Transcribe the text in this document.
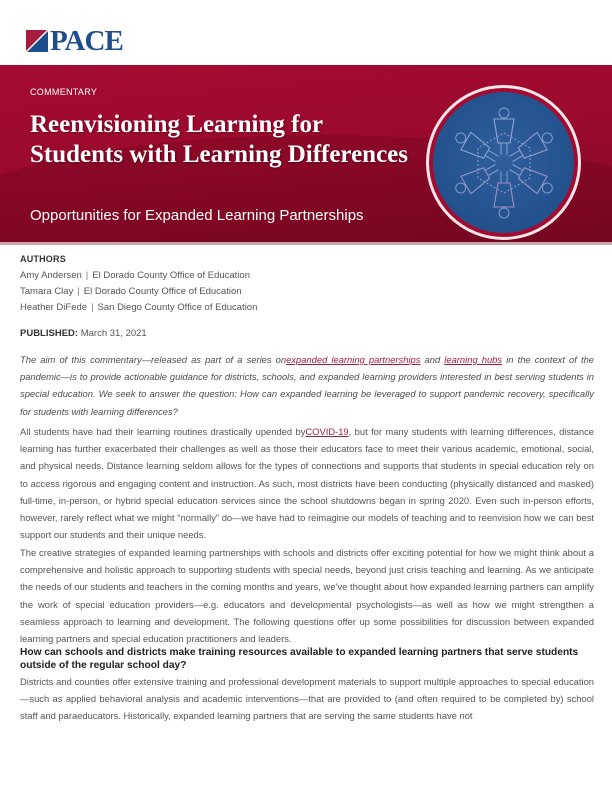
PACE
COMMENTARY
Reenvisioning Learning for Students with Learning Differences
Opportunities for Expanded Learning Partnerships
AUTHORS
Amy Andersen | El Dorado County Office of Education
Tamara Clay | El Dorado County Office of Education
Heather DiFede | San Diego County Office of Education
PUBLISHED: March 31, 2021

The aim of this commentary—released as part of a series onexpanded learning partnerships and learning hubs in the context of the pandemic—is to provide actionable guidance for districts, schools, and expanded learning providers interested in best serving students in special education. We seek to answer the question: How can expanded learning be leveraged to support pandemic recovery, specifically for students with learning differences?

All students have had their learning routines drastically upended byCOVID-19, but for many students with learning differences, distance learning has further exacerbated their challenges as well as those their educators face to meet their various academic, emotional, social, and physical needs. Distance learning seldom allows for the types of connections and supports that students in special education rely on to access rigorous and engaging content and instruction. As such, most districts have been conducting (physically distanced and masked) full-time, in-person, or hybrid special education services since the school shutdowns began in spring 2020. Even such in-person efforts, however, rarely reflect what we might “normally” do—we have had to reimagine our models of teaching and to reenvision how we can best support our students and their unique needs.

The creative strategies of expanded learning partnerships with schools and districts offer exciting potential for how we might think about a comprehensive and holistic approach to supporting students with special needs, beyond just crisis teaching and learning. As we anticipate the needs of our students and teachers in the coming months and years, we’ve thought about how expanded learning partners can amplify the work of special education providers—e.g. educators and developmental psychologists—as well as how we might strengthen a seamless approach to learning and development. The following questions offer up some possibilities for discussion between expanded learning partners and special education practitioners and leaders.

How can schools and districts make training resources available to expanded learning partners that serve students outside of the regular school day?

Districts and counties offer extensive training and professional development materials to support multiple approaches to special education—such as applied behavioral analysis and academic interventions—that are provided to (and often required to be completed by) school staff and paraeducators. Historically, expanded learning partners that are serving the same students have not
